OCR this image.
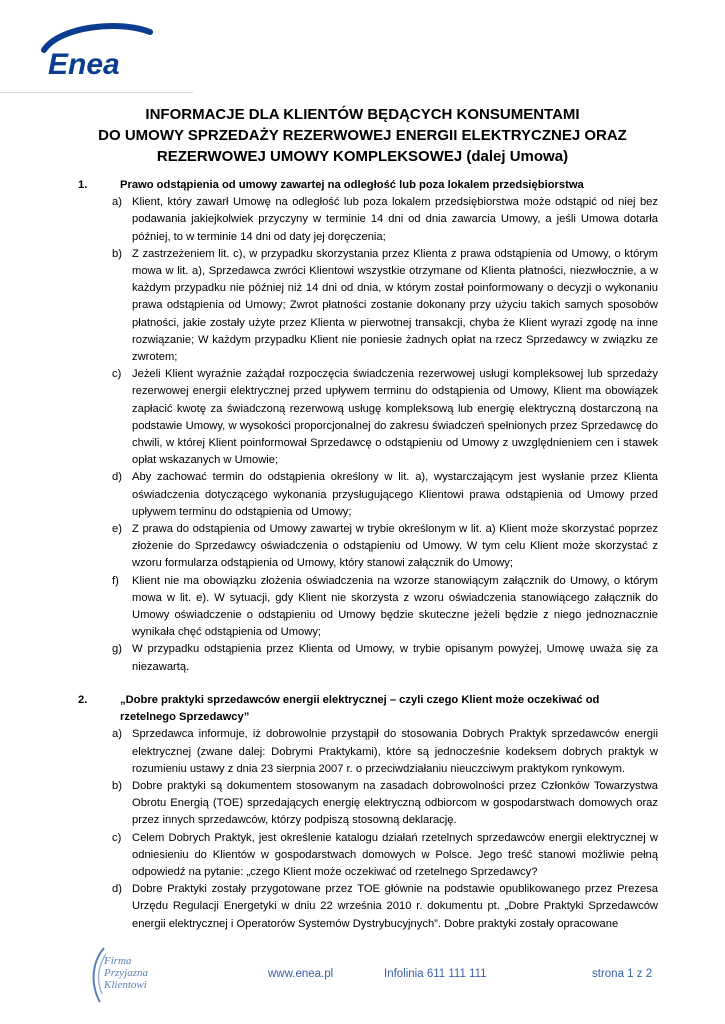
Enea
INFORMACJE DLA KLIENTÓW BĘDĄCYCH KONSUMENTAMI
DO UMOWY SPRZEDAŻY REZERWOWEJ ENERGII ELEKTRYCZNEJ ORAZ
REZERWOWEJ UMOWY KOMPLEKSOWEJ (dalej Umowa)
1.	Prawo odstąpienia od umowy zawartej na odległość lub poza lokalem przedsiębiorstwa
a) Klient, który zawarł Umowę na odległość lub poza lokalem przedsiębiorstwa może odstąpić od niej bez podawania jakiejkolwiek przyczyny w terminie 14 dni od dnia zawarcia Umowy, a jeśli Umowa dotarła później, to w terminie 14 dni od daty jej doręczenia;
b) Z zastrzeżeniem lit. c), w przypadku skorzystania przez Klienta z prawa odstąpienia od Umowy, o którym mowa w lit. a), Sprzedawca zwróci Klientowi wszystkie otrzymane od Klienta płatności, niezwłocznie, a w każdym przypadku nie później niż 14 dni od dnia, w którym został poinformowany o decyzji o wykonaniu prawa odstąpienia od Umowy; Zwrot płatności zostanie dokonany przy użyciu takich samych sposobów płatności, jakie zostały użyte przez Klienta w pierwotnej transakcji, chyba że Klient wyrazi zgodę na inne rozwiązanie; W każdym przypadku Klient nie poniesie żadnych opłat na rzecz Sprzedawcy w związku ze zwrotem;
c) Jeżeli Klient wyraźnie zażądał rozpoczęcia świadczenia rezerwowej usługi kompleksowej lub sprzedaży rezerwowej energii elektrycznej przed upływem terminu do odstąpienia od Umowy, Klient ma obowiązek zapłacić kwotę za świadczoną rezerwową usługę kompleksową lub energię elektryczną dostarczoną na podstawie Umowy, w wysokości proporcjonalnej do zakresu świadczeń spełnionych przez Sprzedawcę do chwili, w której Klient poinformował Sprzedawcę o odstąpieniu od Umowy z uwzględnieniem cen i stawek opłat wskazanych w Umowie;
d) Aby zachować termin do odstąpienia określony w lit. a), wystarczającym jest wysłanie przez Klienta oświadczenia dotyczącego wykonania przysługującego Klientowi prawa odstąpienia od Umowy przed upływem terminu do odstąpienia od Umowy;
e) Z prawa do odstąpienia od Umowy zawartej w trybie określonym w lit. a) Klient może skorzystać poprzez złożenie do Sprzedawcy oświadczenia o odstąpieniu od Umowy. W tym celu Klient może skorzystać z wzoru formularza odstąpienia od Umowy, który stanowi załącznik do Umowy;
f)	Klient nie ma obowiązku złożenia oświadczenia na wzorze stanowiącym załącznik do Umowy, o którym mowa w lit. e). W sytuacji, gdy Klient nie skorzysta z wzoru oświadczenia stanowiącego załącznik do Umowy oświadczenie o odstąpieniu od Umowy będzie skuteczne jeżeli będzie z niego jednoznacznie wynikała chęć odstąpienia od Umowy;
g) W przypadku odstąpienia przez Klienta od Umowy, w trybie opisanym powyżej, Umowę uważa się za niezawartą.
2.	„Dobre praktyki sprzedawców energii elektrycznej – czyli czego Klient może oczekiwać od rzetelnego Sprzedawcy”
a) Sprzedawca informuje, iż dobrowolnie przystąpił do stosowania Dobrych Praktyk sprzedawców energii elektrycznej (zwane dalej: Dobrymi Praktykami), które są jednocześnie kodeksem dobrych praktyk w rozumieniu ustawy z dnia 23 sierpnia 2007 r. o przeciwdziałaniu nieuczciwym praktykom rynkowym.
b) Dobre praktyki są dokumentem stosowanym na zasadach dobrowolności przez Członków Towarzystwa Obrotu Energią (TOE) sprzedających energię elektryczną odbiorcom w gospodarstwach domowych oraz przez innych sprzedawców, którzy podpiszą stosowną deklarację.
c) Celem Dobrych Praktyk, jest określenie katalogu działań rzetelnych sprzedawców energii elektrycznej w odniesieniu do Klientów w gospodarstwach domowych w Polsce. Jego treść stanowi możliwie pełną odpowiedź na pytanie: „czego Klient może oczekiwać od rzetelnego Sprzedawcy?
d) Dobre Praktyki zostały przygotowane przez TOE głównie na podstawie opublikowanego przez Prezesa Urzędu Regulacji Energetyki w dniu 22 września 2010 r. dokumentu pt. „Dobre Praktyki Sprzedawców energii elektrycznej i Operatorów Systemów Dystrybucyjnych”. Dobre praktyki zostały opracowane
Firma
Przyjazna
Klientowi
www.enea.pl	Infolinia 611 111 111	strona 1 z 2
